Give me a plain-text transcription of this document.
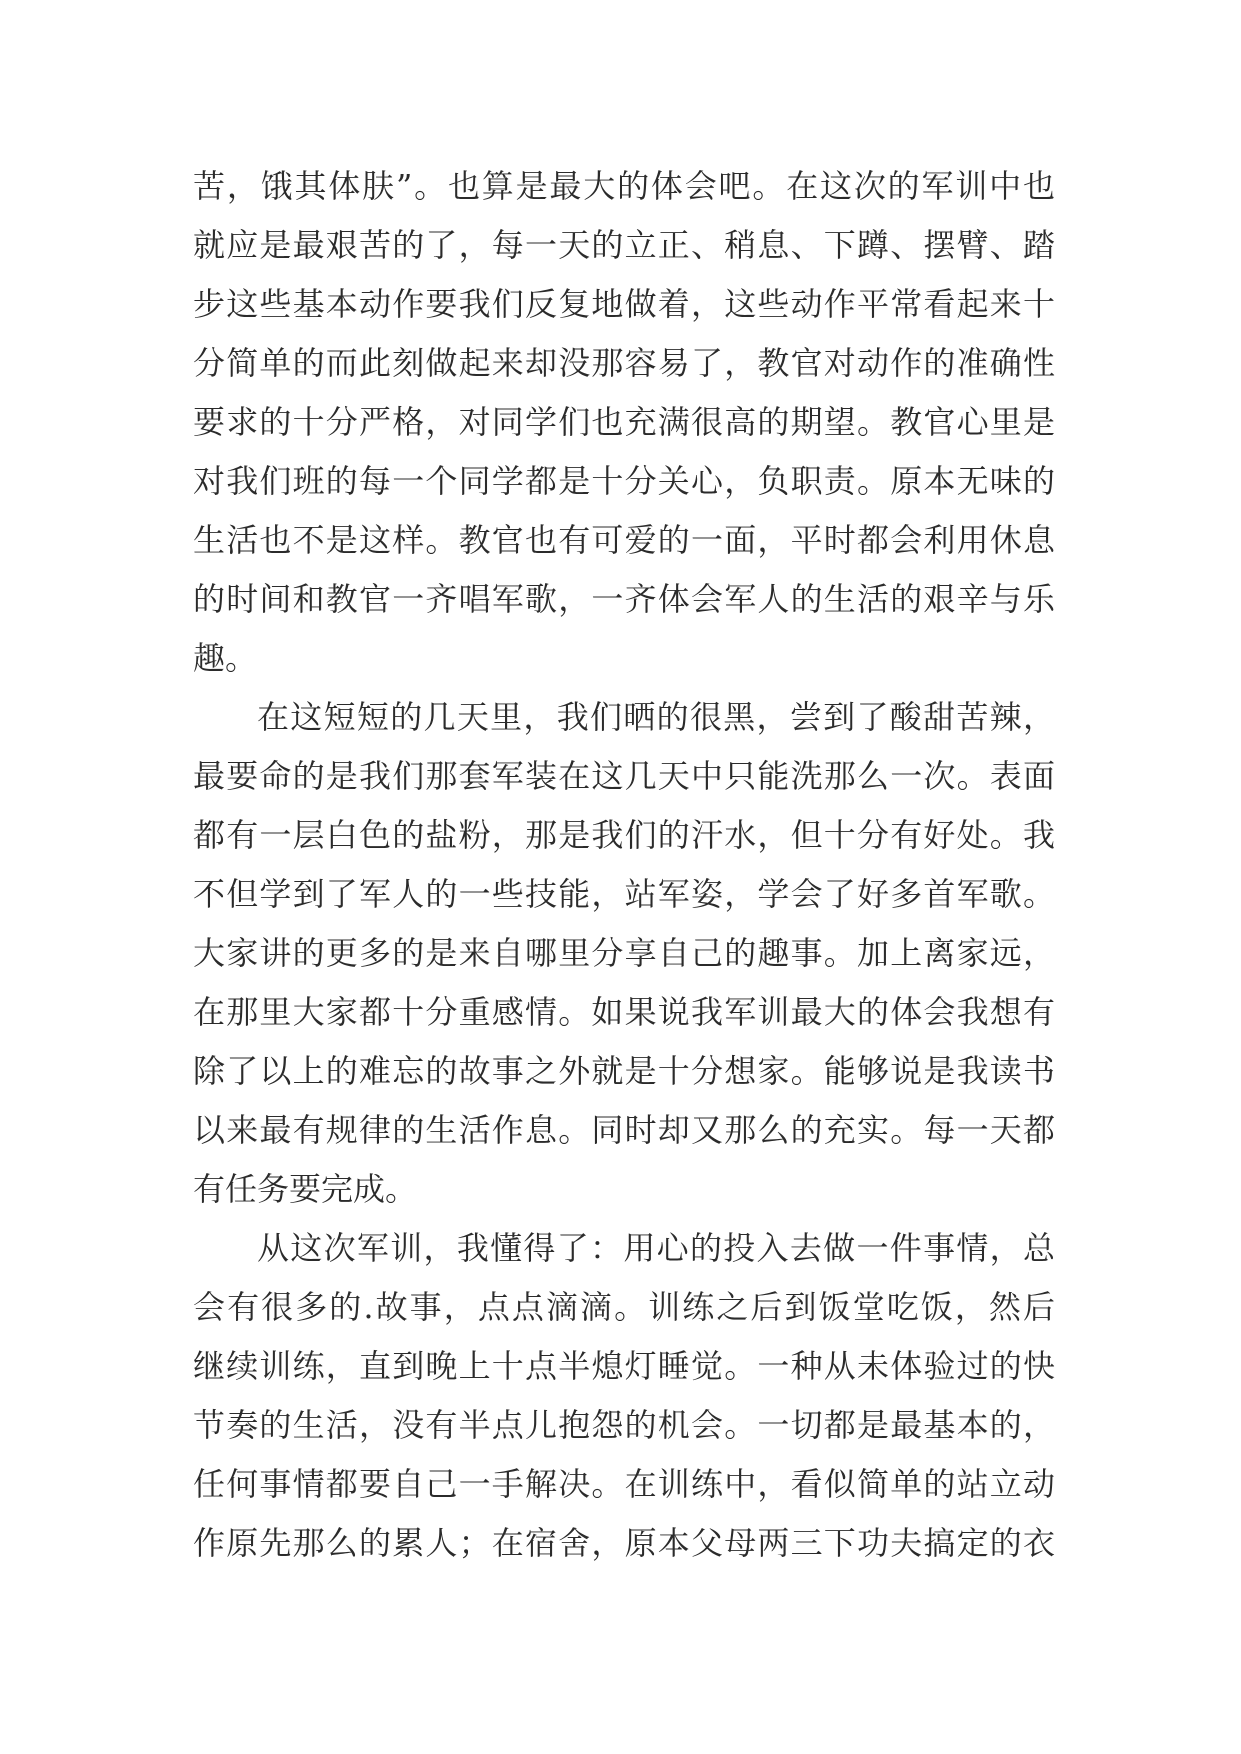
苦，饿其体肤”。也算是最大的体会吧。在这次的军训中也
就应是最艰苦的了，每一天的立正、稍息、下蹲、摆臂、踏
步这些基本动作要我们反复地做着，这些动作平常看起来十
分简单的而此刻做起来却没那容易了，教官对动作的准确性
要求的十分严格，对同学们也充满很高的期望。教官心里是
对我们班的每一个同学都是十分关心，负职责。原本无味的
生活也不是这样。教官也有可爱的一面，平时都会利用休息
的时间和教官一齐唱军歌，一齐体会军人的生活的艰辛与乐
趣。
在这短短的几天里，我们晒的很黑，尝到了酸甜苦辣，
最要命的是我们那套军装在这几天中只能洗那么一次。表面
都有一层白色的盐粉，那是我们的汗水，但十分有好处。我
不但学到了军人的一些技能，站军姿，学会了好多首军歌。
大家讲的更多的是来自哪里分享自己的趣事。加上离家远，
在那里大家都十分重感情。如果说我军训最大的体会我想有
除了以上的难忘的故事之外就是十分想家。能够说是我读书
以来最有规律的生活作息。同时却又那么的充实。每一天都
有任务要完成。
从这次军训，我懂得了：用心的投入去做一件事情，总
会有很多的.故事，点点滴滴。训练之后到饭堂吃饭，然后
继续训练，直到晚上十点半熄灯睡觉。一种从未体验过的快
节奏的生活，没有半点儿抱怨的机会。一切都是最基本的，
任何事情都要自己一手解决。在训练中，看似简单的站立动
作原先那么的累人；在宿舍，原本父母两三下功夫搞定的衣
